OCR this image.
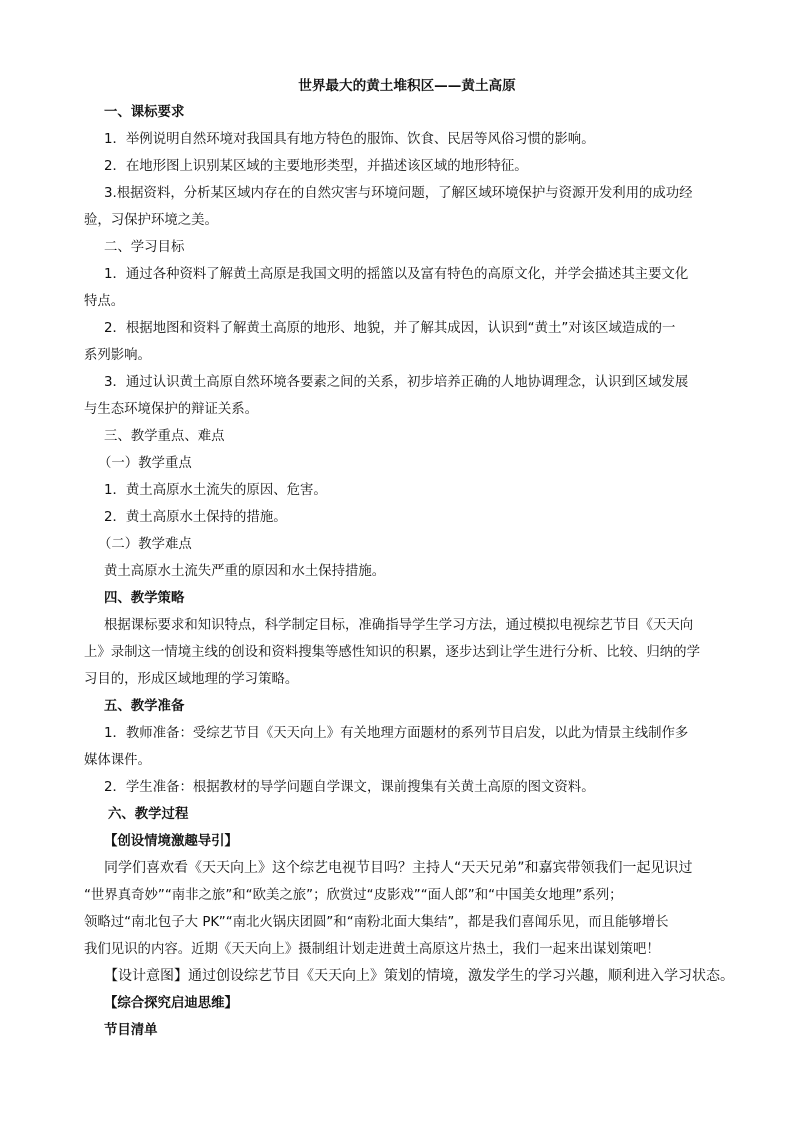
世界最大的黄土堆积区——黄土高原

一、课标要求

1．举例说明自然环境对我国具有地方特色的服饰、饮食、民居等风俗习惯的影响。

2．在地形图上识别某区域的主要地形类型，并描述该区域的地形特征。

3.根据资料，分析某区域内存在的自然灾害与环境问题，了解区域环境保护与资源开发利用的成功经

验，习保护环境之美。

二、学习目标

1．通过各种资料了解黄土高原是我国文明的摇篮以及富有特色的高原文化，并学会描述其主要文化

特点。

2．根据地图和资料了解黄土高原的地形、地貌，并了解其成因，认识到“黄土”对该区域造成的一

系列影响。

3．通过认识黄土高原自然环境各要素之间的关系，初步培养正确的人地协调理念，认识到区域发展

与生态环境保护的辩证关系。

三、教学重点、难点

（一）教学重点

1．黄土高原水土流失的原因、危害。

2．黄土高原水土保持的措施。

（二）教学难点

黄土高原水土流失严重的原因和水土保持措施。

四、教学策略

根据课标要求和知识特点，科学制定目标，准确指导学生学习方法，通过模拟电视综艺节目《天天向

上》录制这一情境主线的创设和资料搜集等感性知识的积累，逐步达到让学生进行分析、比较、归纳的学

习目的，形成区域地理的学习策略。

五、教学准备

1．教师准备：受综艺节目《天天向上》有关地理方面题材的系列节目启发，以此为情景主线制作多

媒体课件。

2．学生准备：根据教材的导学问题自学课文，课前搜集有关黄土高原的图文资料。

六、教学过程

【创设情境激趣导引】

同学们喜欢看《天天向上》这个综艺电视节目吗？主持人“天天兄弟”和嘉宾带领我们一起见识过

“世界真奇妙”“南非之旅”和“欧美之旅”；欣赏过“皮影戏”“面人郎”和“中国美女地理”系列；

领略过“南北包子大 PK”“南北火锅庆团圆”和“南粉北面大集结”，都是我们喜闻乐见，而且能够增长

我们见识的内容。近期《天天向上》摄制组计划走进黄土高原这片热土，我们一起来出谋划策吧！

【设计意图】通过创设综艺节目《天天向上》策划的情境，激发学生的学习兴趣，顺利进入学习状态。

【综合探究启迪思维】

节目清单
